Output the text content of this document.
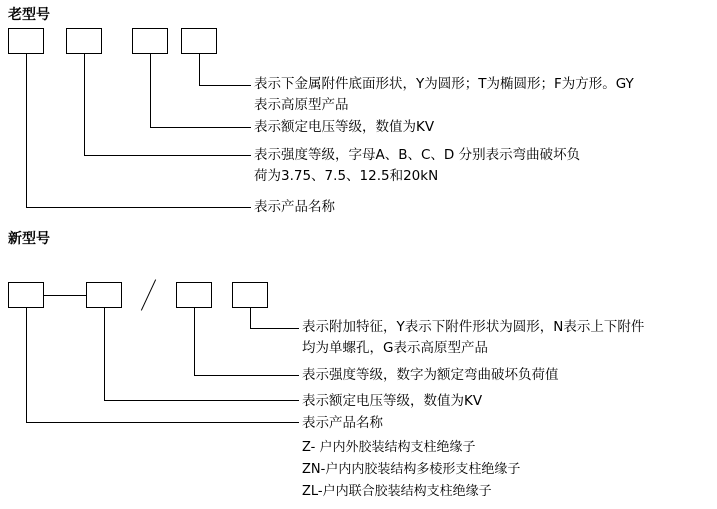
老型号
表示下金属附件底面形状，Y为圆形；T为椭圆形；F为方形。GY
表示高原型产品
表示额定电压等级，数值为KV
表示强度等级，字母A、B、C、D 分别表示弯曲破坏负
荷为3.75、7.5、12.5和20kN
表示产品名称
新型号
表示附加特征，Y表示下附件形状为圆形，N表示上下附件
均为单螺孔，G表示高原型产品
表示强度等级，数字为额定弯曲破坏负荷值
表示额定电压等级，数值为KV
表示产品名称
Z- 户内外胶装结构支柱绝缘子
ZN-户内内胶装结构多棱形支柱绝缘子
ZL-户内联合胶装结构支柱绝缘子
